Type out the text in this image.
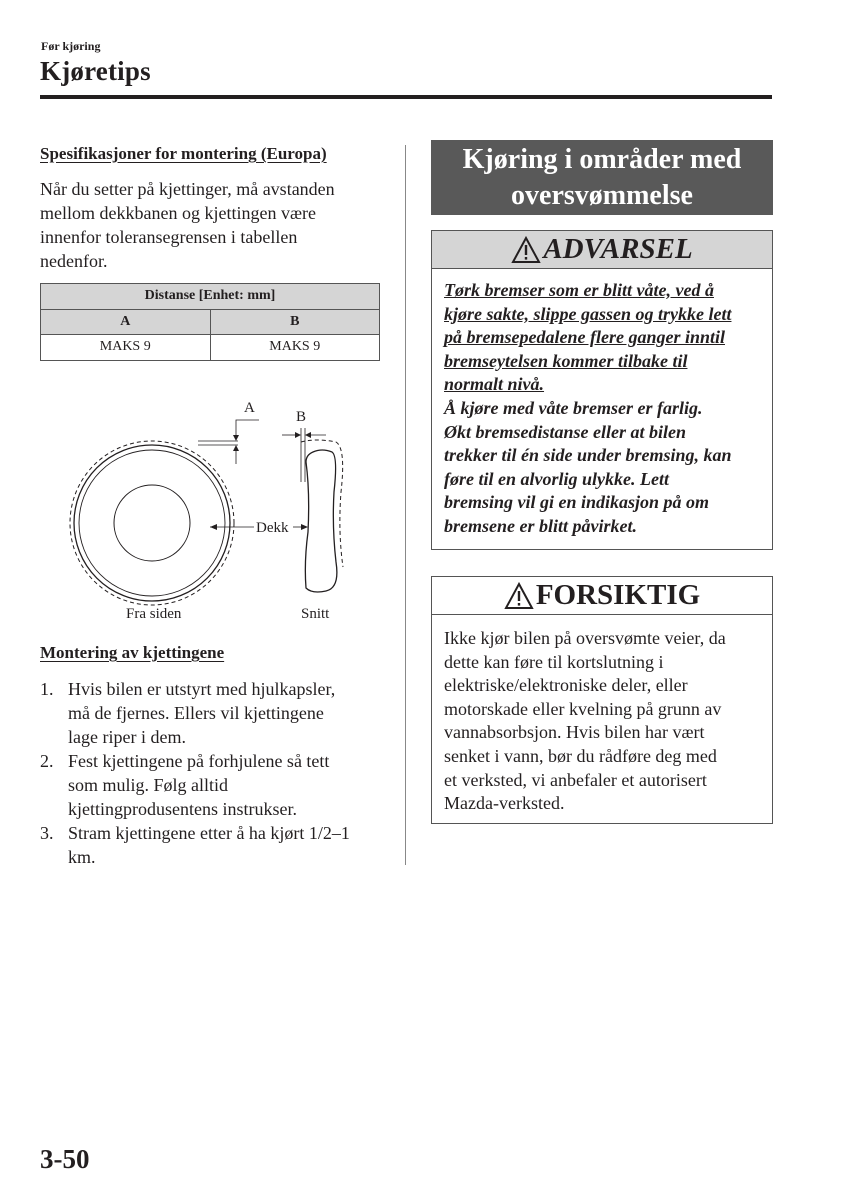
Før kjøring
Kjøretips
Spesifikasjoner for montering (Europa)
Når du setter på kjettinger, må avstanden
mellom dekkbanen og kjettingen være
innenfor toleransegrensen i tabellen
nedenfor.
Distanse [Enhet: mm]	
A	B
MAKS 9	MAKS 9
A
Dekk
B
Fra siden	Snitt
Montering av kjettingene
1. Hvis bilen er utstyrt med hjulkapsler,
må de fjernes. Ellers vil kjettingene
lage riper i dem.
2. Fest kjettingene på forhjulene så tett
som mulig. Følg alltid
kjettingprodusentens instrukser.
3. Stram kjettingene etter å ha kjørt 1/2–1
km.
Kjøring i områder med
oversvømmelse
ADVARSEL
Tørk bremser som er blitt våte, ved å
kjøre sakte, slippe gassen og trykke lett
på bremsepedalene flere ganger inntil
bremseytelsen kommer tilbake til
normalt nivå.
Å kjøre med våte bremser er farlig.
Økt bremsedistanse eller at bilen
trekker til én side under bremsing, kan
føre til en alvorlig ulykke. Lett
bremsing vil gi en indikasjon på om
bremsene er blitt påvirket.
FORSIKTIG
Ikke kjør bilen på oversvømte veier, da
dette kan føre til kortslutning i
elektriske/elektroniske deler, eller
motorskade eller kvelning på grunn av
vannabsorbsjon. Hvis bilen har vært
senket i vann, bør du rådføre deg med
et verksted, vi anbefaler et autorisert
Mazda-verksted.
3-50
